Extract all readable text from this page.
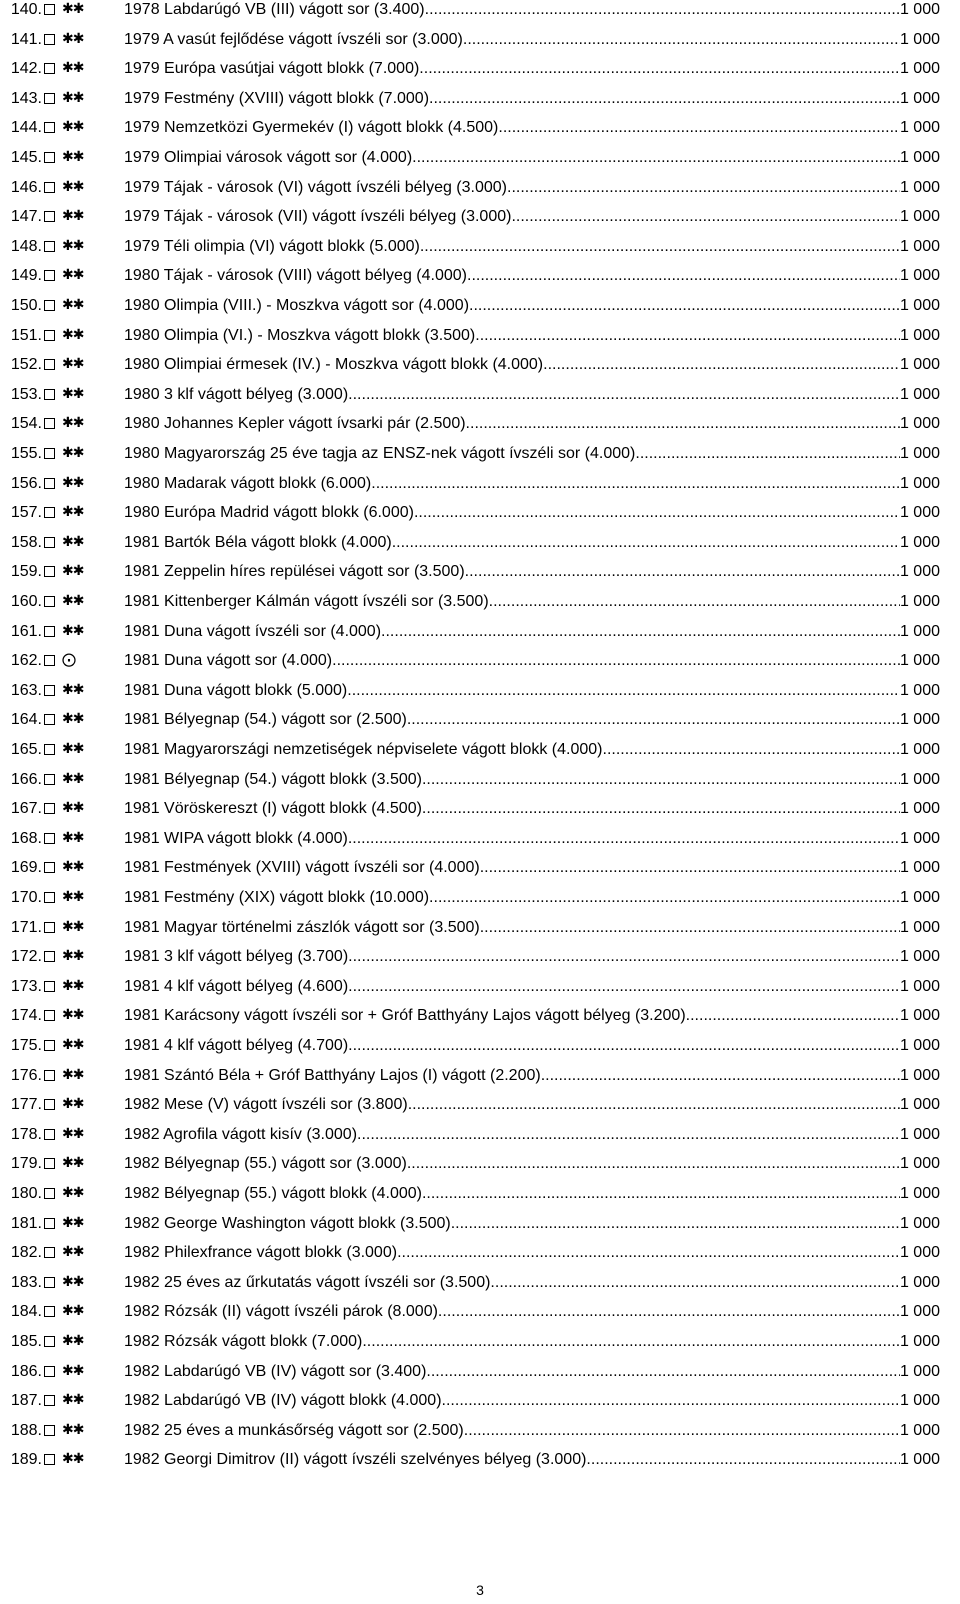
140. ✱✱	1978 Labdarúgó VB (III) vágott sor (3.400) .....	1 000
141. ✱✱	1979 A vasút fejlődése vágott ívszéli sor (3.000) .....	1 000
142. ✱✱	1979 Európa vasútjai vágott blokk (7.000) .....	1 000
143. ✱✱	1979 Festmény (XVIII) vágott blokk (7.000) .....	1 000
144. ✱✱	1979 Nemzetközi Gyermekév (I) vágott blokk (4.500) .....	1 000
145. ✱✱	1979 Olimpiai városok vágott sor (4.000) .....	1 000
146. ✱✱	1979 Tájak - városok (VI) vágott ívszéli bélyeg (3.000) .....	1 000
147. ✱✱	1979 Tájak - városok (VII) vágott ívszéli bélyeg (3.000) .....	1 000
148. ✱✱	1979 Téli olimpia (VI) vágott blokk (5.000) .....	1 000
149. ✱✱	1980 Tájak - városok (VIII) vágott bélyeg (4.000) .....	1 000
150. ✱✱	1980 Olimpia (VIII.) - Moszkva vágott sor (4.000) .....	1 000
151. ✱✱	1980 Olimpia (VI.) - Moszkva vágott blokk (3.500) .....	1 000
152. ✱✱	1980 Olimpiai érmesek (IV.) - Moszkva vágott blokk (4.000) .....	1 000
153. ✱✱	1980 3 klf vágott bélyeg (3.000) .....	1 000
154. ✱✱	1980 Johannes Kepler vágott ívsarki pár (2.500) .....	1 000
155. ✱✱	1980 Magyarország 25 éve tagja az ENSZ-nek vágott ívszéli sor (4.000) .....	1 000
156. ✱✱	1980 Madarak vágott blokk (6.000) .....	1 000
157. ✱✱	1980 Európa Madrid vágott blokk (6.000) .....	1 000
158. ✱✱	1981 Bartók Béla vágott blokk (4.000) .....	1 000
159. ✱✱	1981 Zeppelin híres repülései vágott sor (3.500) .....	1 000
160. ✱✱	1981 Kittenberger Kálmán vágott ívszéli sor (3.500) .....	1 000
161. ✱✱	1981 Duna vágott ívszéli sor (4.000) .....	1 000
162. ⨀	1981 Duna vágott sor (4.000) .....	1 000
163. ✱✱	1981 Duna vágott blokk (5.000) .....	1 000
164. ✱✱	1981 Bélyegnap (54.) vágott sor (2.500) .....	1 000
165. ✱✱	1981 Magyarországi nemzetiségek népviselete vágott blokk (4.000) .....	1 000
166. ✱✱	1981 Bélyegnap (54.) vágott blokk (3.500) .....	1 000
167. ✱✱	1981 Vöröskereszt (I) vágott blokk (4.500) .....	1 000
168. ✱✱	1981 WIPA vágott blokk (4.000) .....	1 000
169. ✱✱	1981 Festmények (XVIII) vágott ívszéli sor (4.000) .....	1 000
170. ✱✱	1981 Festmény (XIX) vágott blokk (10.000) .....	1 000
171. ✱✱	1981 Magyar történelmi zászlók vágott sor (3.500) .....	1 000
172. ✱✱	1981 3 klf vágott bélyeg (3.700) .....	1 000
173. ✱✱	1981 4 klf vágott bélyeg (4.600) .....	1 000
174. ✱✱	1981 Karácsony vágott ívszéli sor + Gróf Batthyány Lajos vágott bélyeg (3.200) .....	1 000
175. ✱✱	1981 4 klf vágott bélyeg (4.700) .....	1 000
176. ✱✱	1981 Szántó Béla + Gróf Batthyány Lajos (I) vágott (2.200) .....	1 000
177. ✱✱	1982 Mese (V) vágott ívszéli sor (3.800) .....	1 000
178. ✱✱	1982 Agrofila vágott kisív (3.000) .....	1 000
179. ✱✱	1982 Bélyegnap (55.) vágott sor (3.000) .....	1 000
180. ✱✱	1982 Bélyegnap (55.) vágott blokk (4.000) .....	1 000
181. ✱✱	1982 George Washington vágott blokk (3.500) .....	1 000
182. ✱✱	1982 Philexfrance vágott blokk (3.000) .....	1 000
183. ✱✱	1982 25 éves az űrkutatás vágott ívszéli sor (3.500) .....	1 000
184. ✱✱	1982 Rózsák (II) vágott ívszéli párok (8.000) .....	1 000
185. ✱✱	1982 Rózsák vágott blokk (7.000) .....	1 000
186. ✱✱	1982 Labdarúgó VB (IV) vágott sor (3.400) .....	1 000
187. ✱✱	1982 Labdarúgó VB (IV) vágott blokk (4.000) .....	1 000
188. ✱✱	1982 25 éves a munkásőrség vágott sor (2.500) .....	1 000
189. ✱✱	1982 Georgi Dimitrov (II) vágott ívszéli szelvényes bélyeg (3.000) .....	1 000
3
